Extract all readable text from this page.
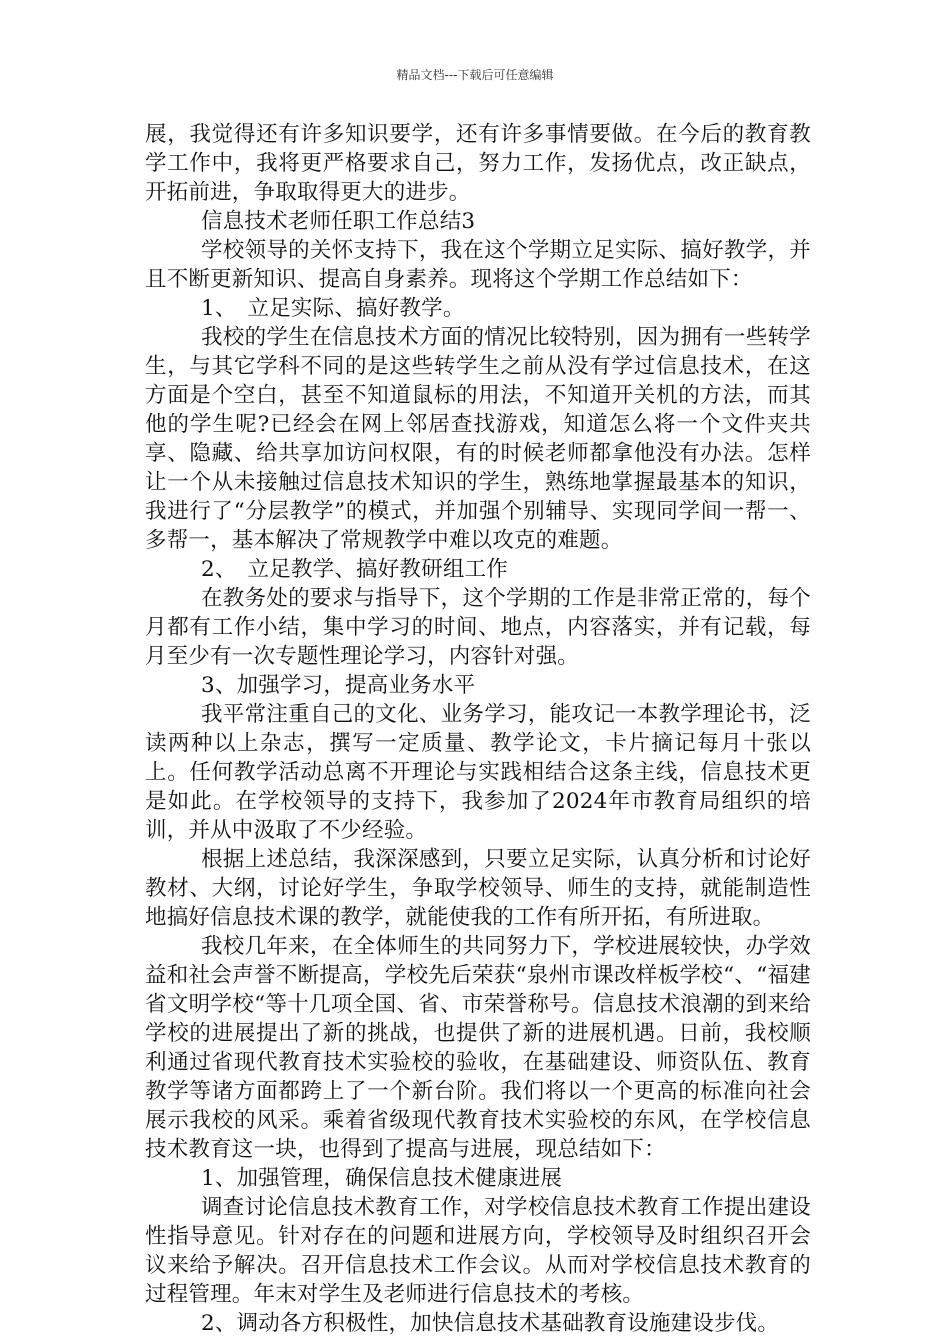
精品文档---下载后可任意编辑

展，我觉得还有许多知识要学，还有许多事情要做。在今后的教育教学工作中，我将更严格要求自己，努力工作，发扬优点，改正缺点，开拓前进，争取取得更大的进步。

信息技术老师任职工作总结3

学校领导的关怀支持下，我在这个学期立足实际、搞好教学，并且不断更新知识、提高自身素养。现将这个学期工作总结如下：

1、　立足实际、搞好教学。

我校的学生在信息技术方面的情况比较特别，因为拥有一些转学生，与其它学科不同的是这些转学生之前从没有学过信息技术，在这方面是个空白，甚至不知道鼠标的用法，不知道开关机的方法，而其他的学生呢?已经会在网上邻居查找游戏，知道怎么将一个文件夹共享、隐藏、给共享加访问权限，有的时候老师都拿他没有办法。怎样让一个从未接触过信息技术知识的学生，熟练地掌握最基本的知识，我进行了“分层教学”的模式，并加强个别辅导、实现同学间一帮一、多帮一，基本解决了常规教学中难以攻克的难题。

2、　立足教学、搞好教研组工作

在教务处的要求与指导下，这个学期的工作是非常正常的，每个月都有工作小结，集中学习的时间、地点，内容落实，并有记载，每月至少有一次专题性理论学习，内容针对强。

3、加强学习，提高业务水平

我平常注重自己的文化、业务学习，能攻记一本教学理论书，泛读两种以上杂志，撰写一定质量、教学论文，卡片摘记每月十张以上。任何教学活动总离不开理论与实践相结合这条主线，信息技术更是如此。在学校领导的支持下，我参加了2024年市教育局组织的培训，并从中汲取了不少经验。

根据上述总结，我深深感到，只要立足实际，认真分析和讨论好教材、大纲，讨论好学生，争取学校领导、师生的支持，就能制造性地搞好信息技术课的教学，就能使我的工作有所开拓，有所进取。

我校几年来，在全体师生的共同努力下，学校进展较快，办学效益和社会声誉不断提高，学校先后荣获“泉州市课改样板学校“、“福建省文明学校“等十几项全国、省、市荣誉称号。信息技术浪潮的到来给学校的进展提出了新的挑战，也提供了新的进展机遇。日前，我校顺利通过省现代教育技术实验校的验收，在基础建设、师资队伍、教育教学等诸方面都跨上了一个新台阶。我们将以一个更高的标准向社会展示我校的风采。乘着省级现代教育技术实验校的东风，在学校信息技术教育这一块，也得到了提高与进展，现总结如下：

1、加强管理，确保信息技术健康进展

调查讨论信息技术教育工作，对学校信息技术教育工作提出建设性指导意见。针对存在的问题和进展方向，学校领导及时组织召开会议来给予解决。召开信息技术工作会议。从而对学校信息技术教育的过程管理。年末对学生及老师进行信息技术的考核。

2、调动各方积极性，加快信息技术基础教育设施建设步伐。
